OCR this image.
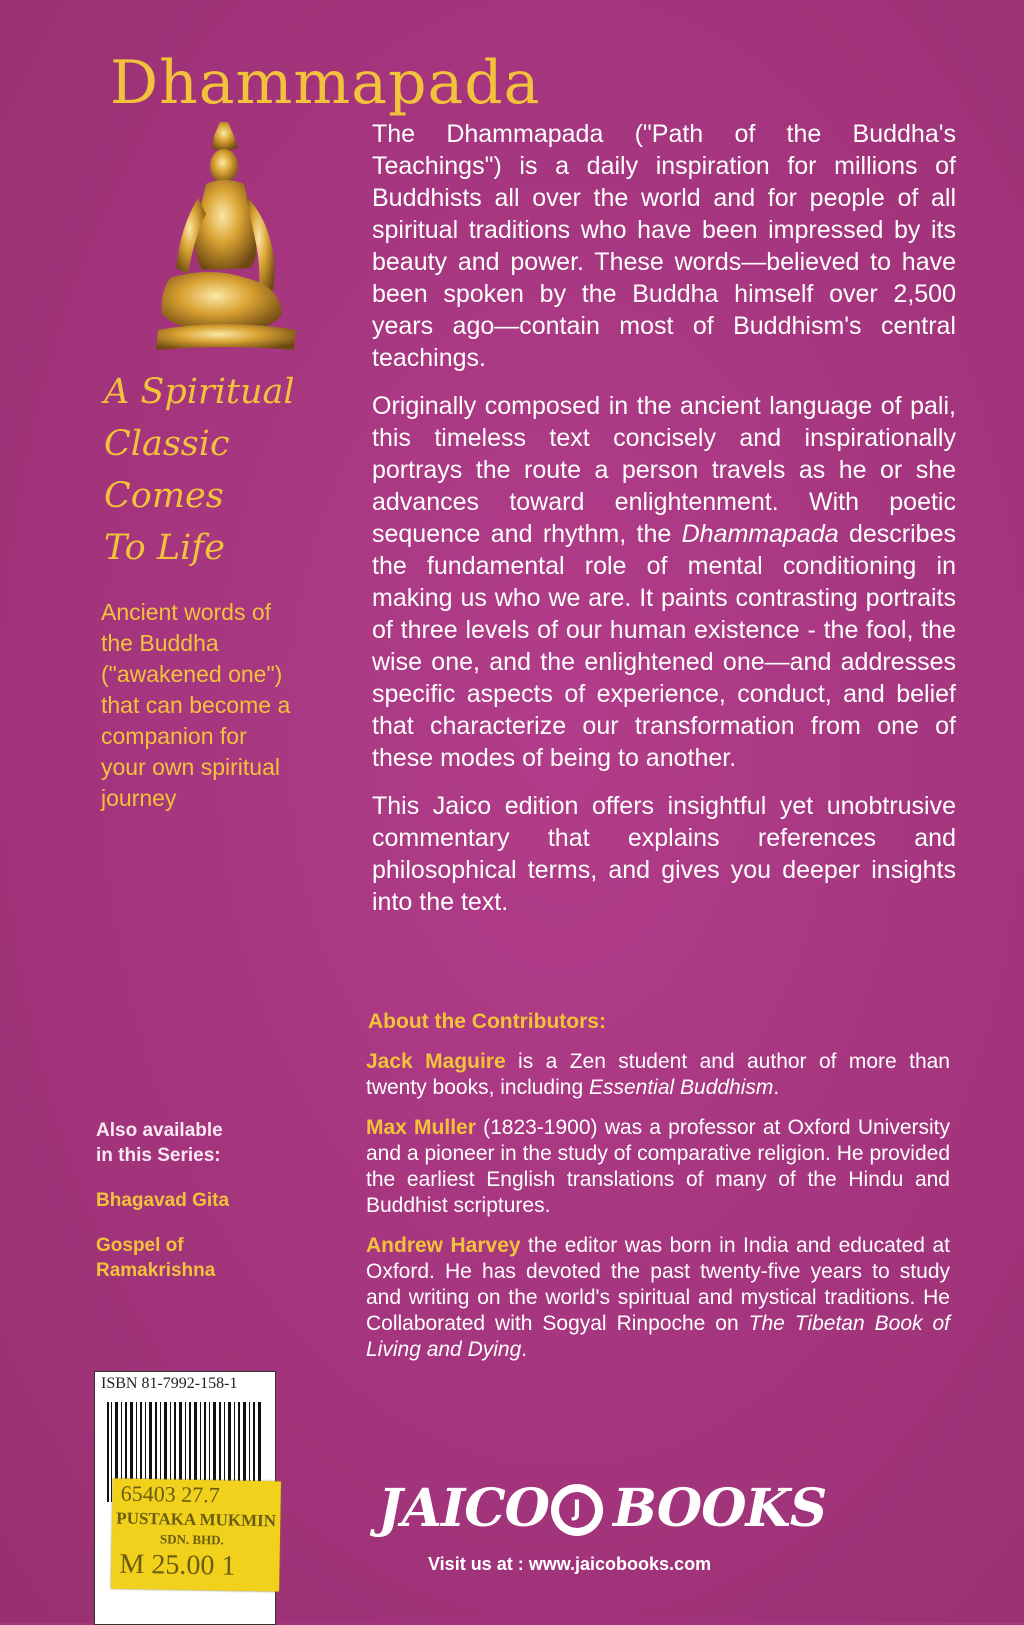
Dhammapada
A Spiritual
Classic
Comes
To Life
Ancient words of
the Buddha
("awakened one")
that can become a
companion for
your own spiritual
journey
Also available
in this Series:
Bhagavad Gita
Gospel of
Ramakrishna

The Dhammapada ("Path of the Buddha's Teachings") is a daily inspiration for millions of Buddhists all over the world and for people of all spiritual traditions who have been impressed by its beauty and power. These words—believed to have been spoken by the Buddha himself over 2,500 years ago—contain most of Buddhism's central teachings.

Originally composed in the ancient language of pali, this timeless text concisely and inspirationally portrays the route a person travels as he or she advances toward enlightenment. With poetic sequence and rhythm, the Dhammapada describes the fundamental role of mental conditioning in making us who we are. It paints contrasting portraits of three levels of our human existence - the fool, the wise one, and the enlightened one—and addresses specific aspects of experience, conduct, and belief that characterize our transformation from one of these modes of being to another.

This Jaico edition offers insightful yet unobtrusive commentary that explains references and philosophical terms, and gives you deeper insights into the text.

About the Contributors:

Jack Maguire is a Zen student and author of more than twenty books, including Essential Buddhism.

Max Muller (1823-1900) was a professor at Oxford University and a pioneer in the study of comparative religion. He provided the earliest English translations of many of the Hindu and Buddhist scriptures.

Andrew Harvey the editor was born in India and educated at Oxford. He has devoted the past twenty-five years to study and writing on the world's spiritual and mystical traditions. He Collaborated with Sogyal Rinpoche on The Tibetan Book of Living and Dying.

ISBN 81-7992-158-1
65403 27.7
PUSTAKA MUKMIN
SDN. BHD.
M 25.00 1
JAICO	J BOOKS
Visit us at : www.jaicobooks.com
